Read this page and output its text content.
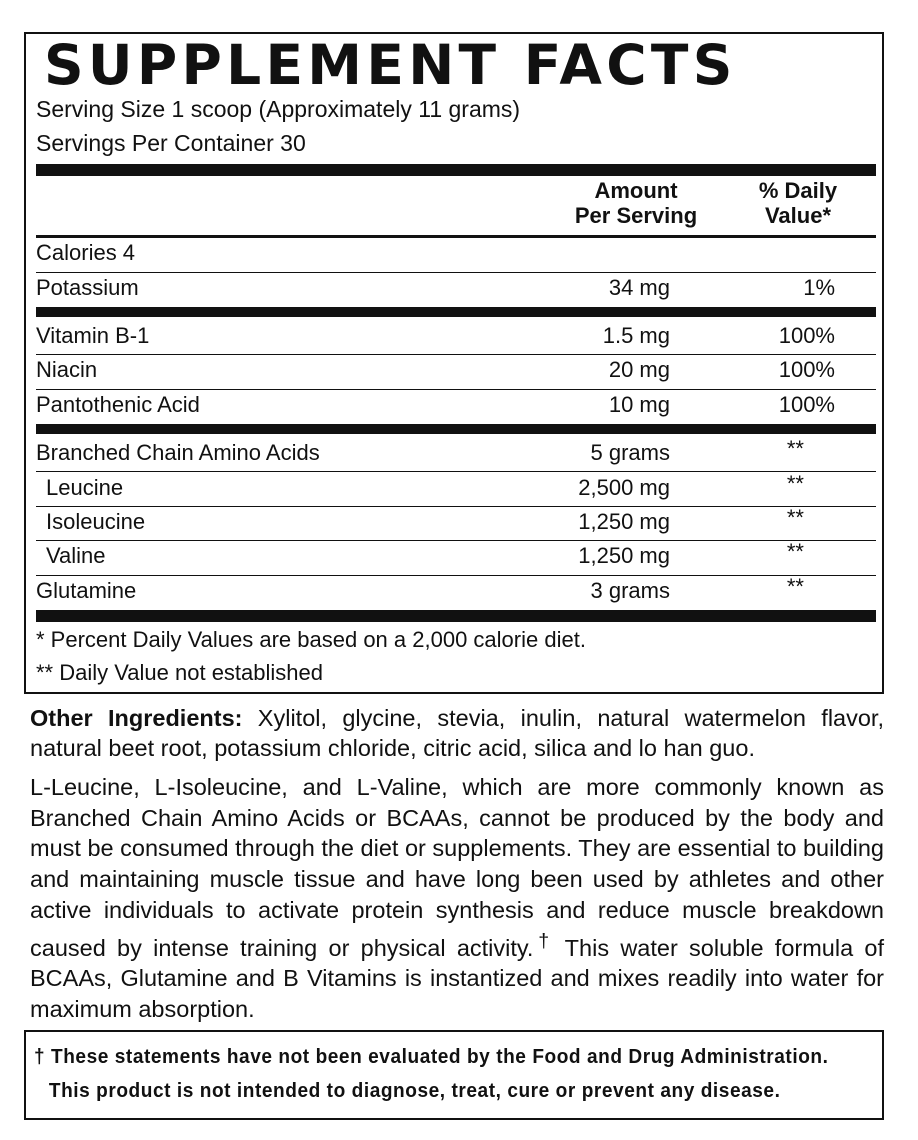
SUPPLEMENT FACTS
Serving Size 1 scoop (Approximately 11 grams)
Servings Per Container 30
Amount
Per Serving
% Daily
Value*
Calories 4
Potassium	34 mg	1%
Vitamin B-1	1.5 mg	100%
Niacin	20 mg	100%
Pantothenic Acid	10 mg	100%
Branched Chain Amino Acids	5 grams	**
Leucine	2,500 mg	**
Isoleucine	1,250 mg	**
Valine	1,250 mg	**
Glutamine	3 grams	**
* Percent Daily Values are based on a 2,000 calorie diet.
** Daily Value not established

Other Ingredients: Xylitol, glycine, stevia, inulin, natural watermelon flavor, natural beet root, potassium chloride, citric acid, silica and lo han guo.

L-Leucine, L-Isoleucine, and L-Valine, which are more commonly known as Branched Chain Amino Acids or BCAAs, cannot be produced by the body and must be consumed through the diet or supplements. They are essential to building and maintaining muscle tissue and have long been used by athletes and other active individuals to activate protein synthesis and reduce muscle breakdown caused by intense training or physical activity.† This water soluble formula of BCAAs, Glutamine and B Vitamins is instantized and mixes readily into water for maximum absorption.

† These statements have not been evaluated by the Food and Drug Administration.
This product is not intended to diagnose, treat, cure or prevent any disease.
